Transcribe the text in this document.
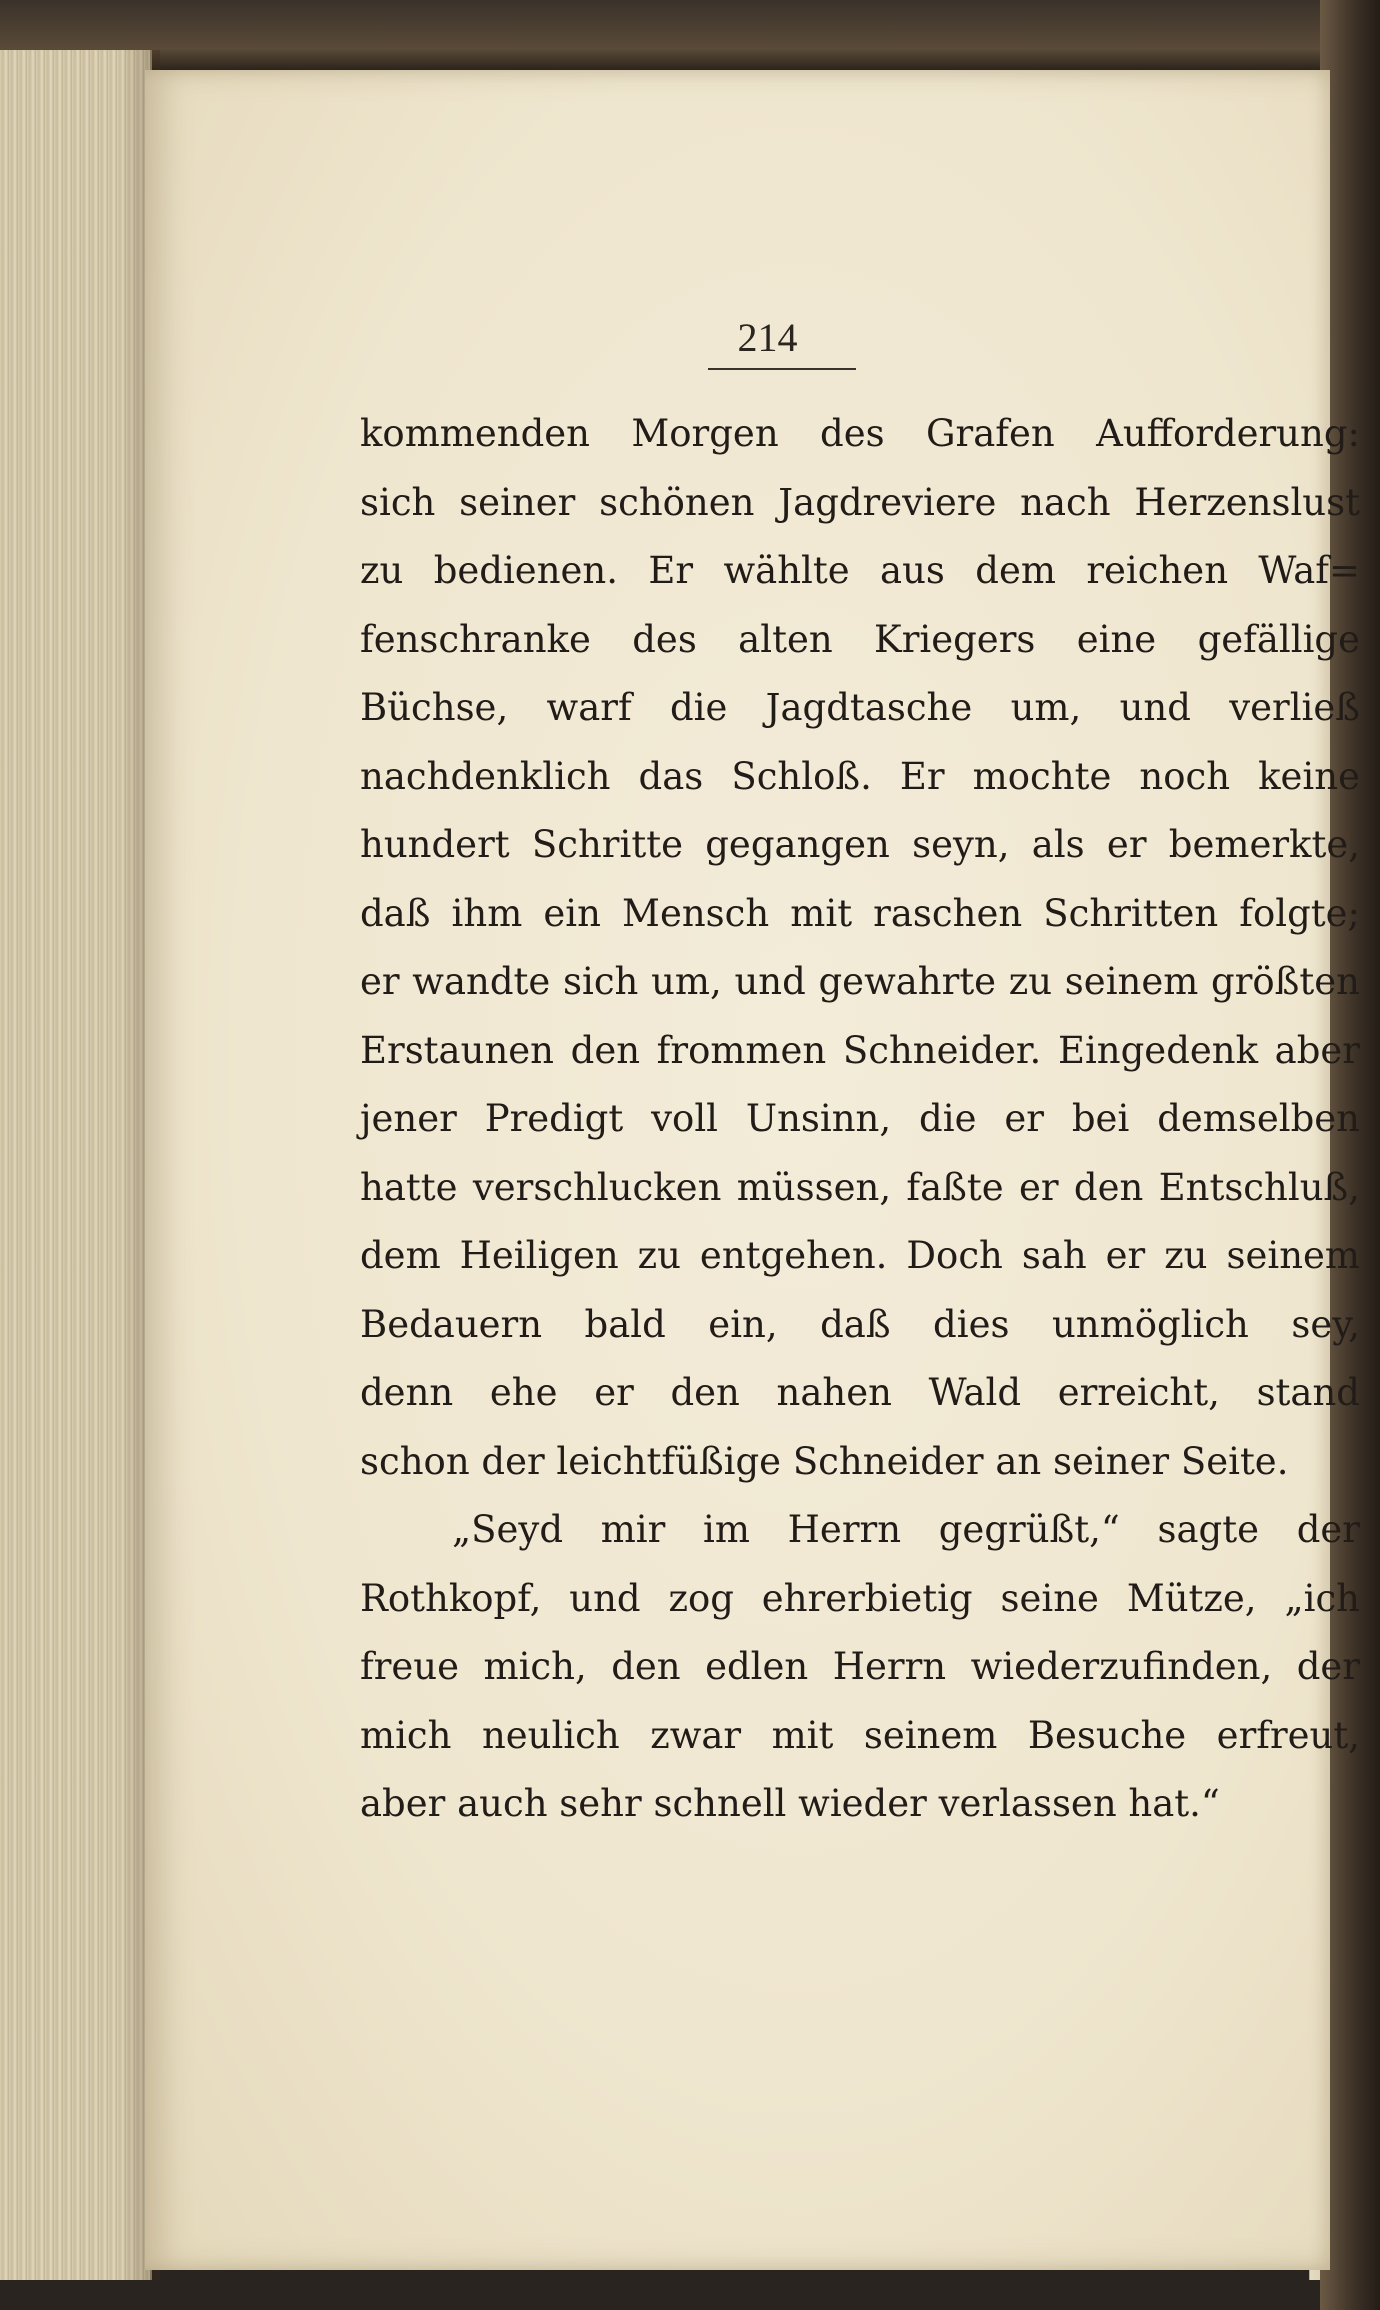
214
kommenden Morgen des Grafen Aufforderung:
sich seiner schönen Jagdreviere nach Herzenslust
zu bedienen. Er wählte aus dem reichen Waf=
fenschranke des alten Kriegers eine gefällige
Büchse, warf die Jagdtasche um, und verließ
nachdenklich das Schloß. Er mochte noch keine
hundert Schritte gegangen seyn, als er bemerkte,
daß ihm ein Mensch mit raschen Schritten folgte;
er wandte sich um, und gewahrte zu seinem größten
Erstaunen den frommen Schneider. Eingedenk aber
jener Predigt voll Unsinn, die er bei demselben
hatte verschlucken müssen, faßte er den Entschluß,
dem Heiligen zu entgehen. Doch sah er zu seinem
Bedauern bald ein, daß dies unmöglich sey,
denn ehe er den nahen Wald erreicht, stand
schon der leichtfüßige Schneider an seiner Seite.
„Seyd mir im Herrn gegrüßt,“ sagte der
Rothkopf, und zog ehrerbietig seine Mütze, „ich
freue mich, den edlen Herrn wiederzufinden, der
mich neulich zwar mit seinem Besuche erfreut,
aber auch sehr schnell wieder verlassen hat.“
